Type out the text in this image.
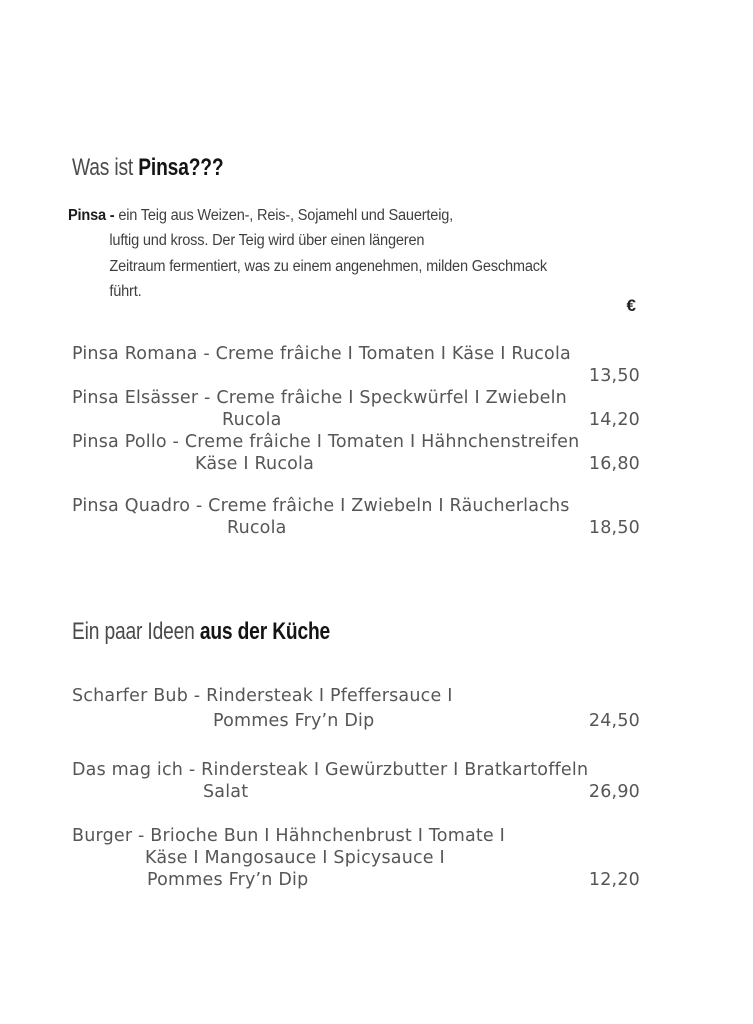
Was ist Pinsa???
Pinsa - ein Teig aus Weizen-, Reis-, Sojamehl und Sauerteig,
luftig und kross. Der Teig wird über einen längeren
Zeitraum fermentiert, was zu einem angenehmen, milden Geschmack
führt.
€
Pinsa Romana - Creme frâiche I Tomaten I Käse I Rucola
13,50
Pinsa Elsässer - Creme frâiche I Speckwürfel I Zwiebeln
Rucola	14,20
Pinsa Pollo - Creme frâiche I Tomaten I Hähnchenstreifen
Käse I Rucola	16,80
Pinsa Quadro - Creme frâiche I Zwiebeln I Räucherlachs
Rucola	18,50
Ein paar Ideen aus der Küche
Scharfer Bub - Rindersteak I Pfeffersauce I
Pommes Fry’n Dip	24,50
Das mag ich - Rindersteak I Gewürzbutter I Bratkartoffeln
Salat	26,90
Burger - Brioche Bun I Hähnchenbrust I Tomate I
Käse I Mangosauce I Spicysauce I
Pommes Fry’n Dip	12,20
